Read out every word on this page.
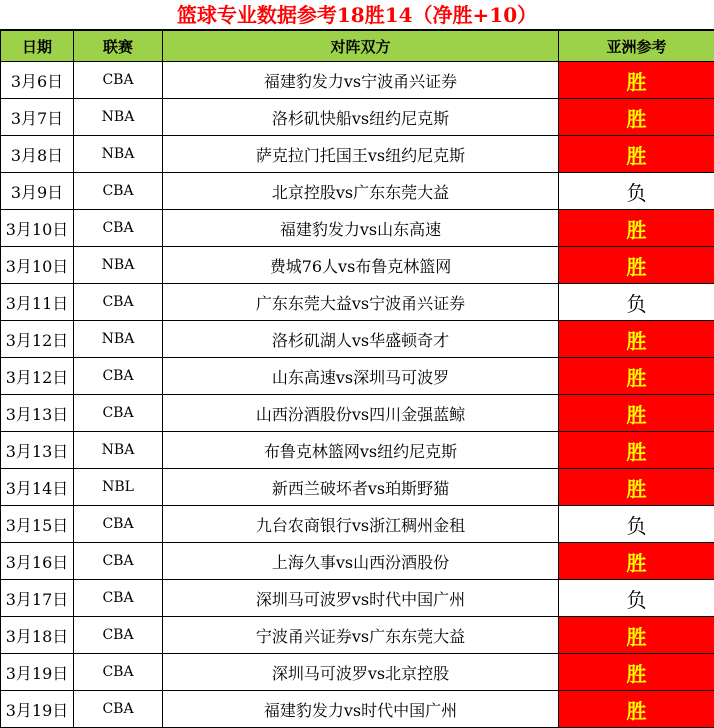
篮球专业数据参考18胜14（净胜+10）
日期	联赛	对阵双方	亚洲参考
3月6日	CBA	福建豹发力vs宁波甬兴证券	胜
3月7日	NBA	洛杉矶快船vs纽约尼克斯	胜
3月8日	NBA	萨克拉门托国王vs纽约尼克斯	胜
3月9日	CBA	北京控股vs广东东莞大益	负
3月10日	CBA	福建豹发力vs山东高速	胜
3月10日	NBA	费城76人vs布鲁克林篮网	胜
3月11日	CBA	广东东莞大益vs宁波甬兴证券	负
3月12日	NBA	洛杉矶湖人vs华盛顿奇才	胜
3月12日	CBA	山东高速vs深圳马可波罗	胜
3月13日	CBA	山西汾酒股份vs四川金强蓝鲸	胜
3月13日	NBA	布鲁克林篮网vs纽约尼克斯	胜
3月14日	NBL	新西兰破坏者vs珀斯野猫	胜
3月15日	CBA	九台农商银行vs浙江稠州金租	负
3月16日	CBA	上海久事vs山西汾酒股份	胜
3月17日	CBA	深圳马可波罗vs时代中国广州	负
3月18日	CBA	宁波甬兴证券vs广东东莞大益	胜
3月19日	CBA	深圳马可波罗vs北京控股	胜
3月19日	CBA	福建豹发力vs时代中国广州	胜
